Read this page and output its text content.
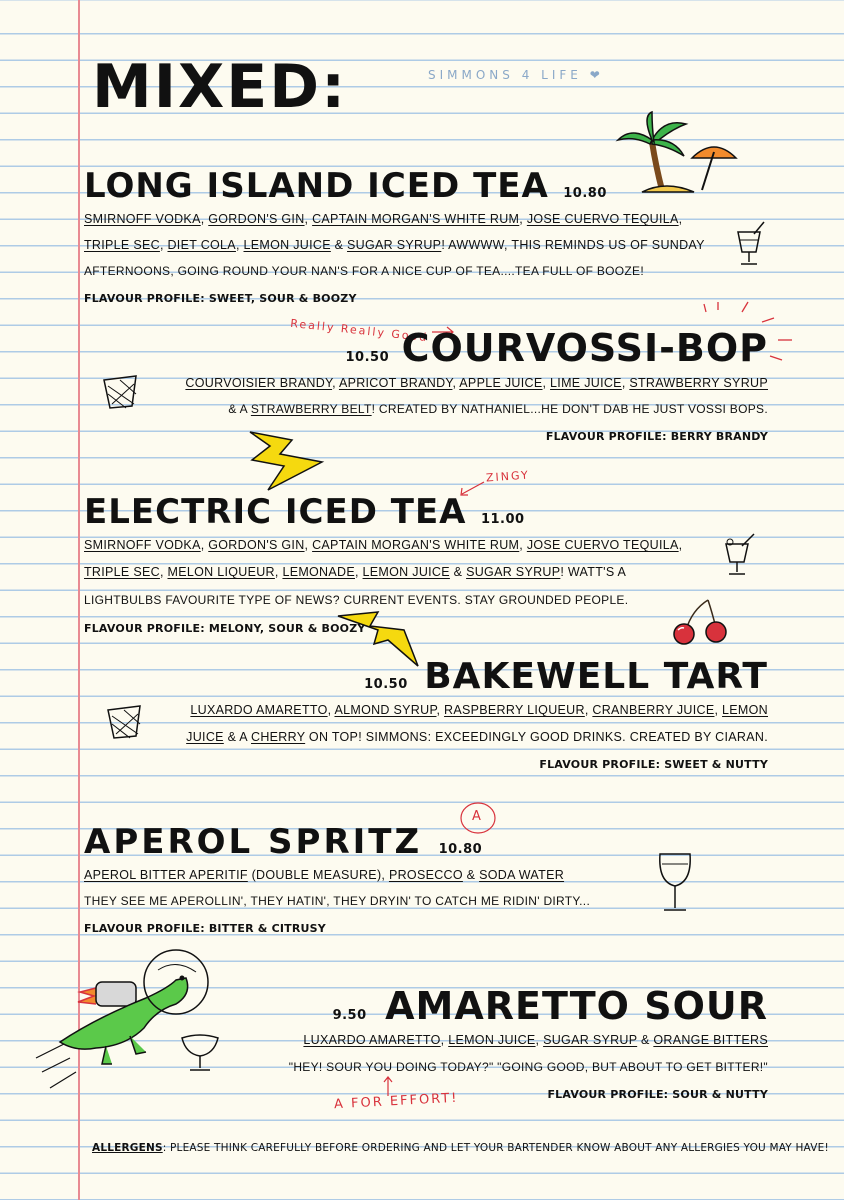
MIXED:	SIMMONS 4 LIFE ❤
LONG ISLAND ICED TEA 10.80
SMIRNOFF VODKA, GORDON'S GIN, CAPTAIN MORGAN'S WHITE RUM, JOSE CUERVO TEQUILA,
TRIPLE SEC, DIET COLA, LEMON JUICE & SUGAR SYRUP! AWWWW, THIS REMINDS US OF SUNDAY
AFTERNOONS, GOING ROUND YOUR NAN'S FOR A NICE CUP OF TEA....TEA FULL OF BOOZE!
FLAVOUR PROFILE: SWEET, SOUR & BOOZY
Really Really Good
10.50 COURVOSSI-BOP
COURVOISIER BRANDY, APRICOT BRANDY, APPLE JUICE, LIME JUICE, STRAWBERRY SYRUP
& A STRAWBERRY BELT! CREATED BY NATHANIEL...HE DON'T DAB HE JUST VOSSI BOPS.
FLAVOUR PROFILE: BERRY BRANDY
ZINGY
ELECTRIC ICED TEA 11.00
SMIRNOFF VODKA, GORDON'S GIN, CAPTAIN MORGAN'S WHITE RUM, JOSE CUERVO TEQUILA,
TRIPLE SEC, MELON LIQUEUR, LEMONADE, LEMON JUICE & SUGAR SYRUP! WATT'S A
LIGHTBULBS FAVOURITE TYPE OF NEWS? CURRENT EVENTS. STAY GROUNDED PEOPLE.
FLAVOUR PROFILE: MELONY, SOUR & BOOZY
10.50 BAKEWELL TART
LUXARDO AMARETTO, ALMOND SYRUP, RASPBERRY LIQUEUR, CRANBERRY JUICE, LEMON
JUICE & A CHERRY ON TOP! SIMMONS: EXCEEDINGLY GOOD DRINKS. CREATED BY CIARAN.
FLAVOUR PROFILE: SWEET & NUTTY
A
APEROL SPRITZ 10.80
APEROL BITTER APERITIF (DOUBLE MEASURE), PROSECCO & SODA WATER
THEY SEE ME APEROLLIN', THEY HATIN', THEY DRYIN' TO CATCH ME RIDIN' DIRTY...
FLAVOUR PROFILE: BITTER & CITRUSY
9.50 AMARETTO SOUR
LUXARDO AMARETTO, LEMON JUICE, SUGAR SYRUP & ORANGE BITTERS
"HEY! SOUR YOU DOING TODAY?" "GOING GOOD, BUT ABOUT TO GET BITTER!"
FLAVOUR PROFILE: SOUR & NUTTY
A FOR EFFORT!
ALLERGENS: PLEASE THINK CAREFULLY BEFORE ORDERING AND LET YOUR BARTENDER KNOW ABOUT ANY ALLERGIES YOU MAY HAVE!
